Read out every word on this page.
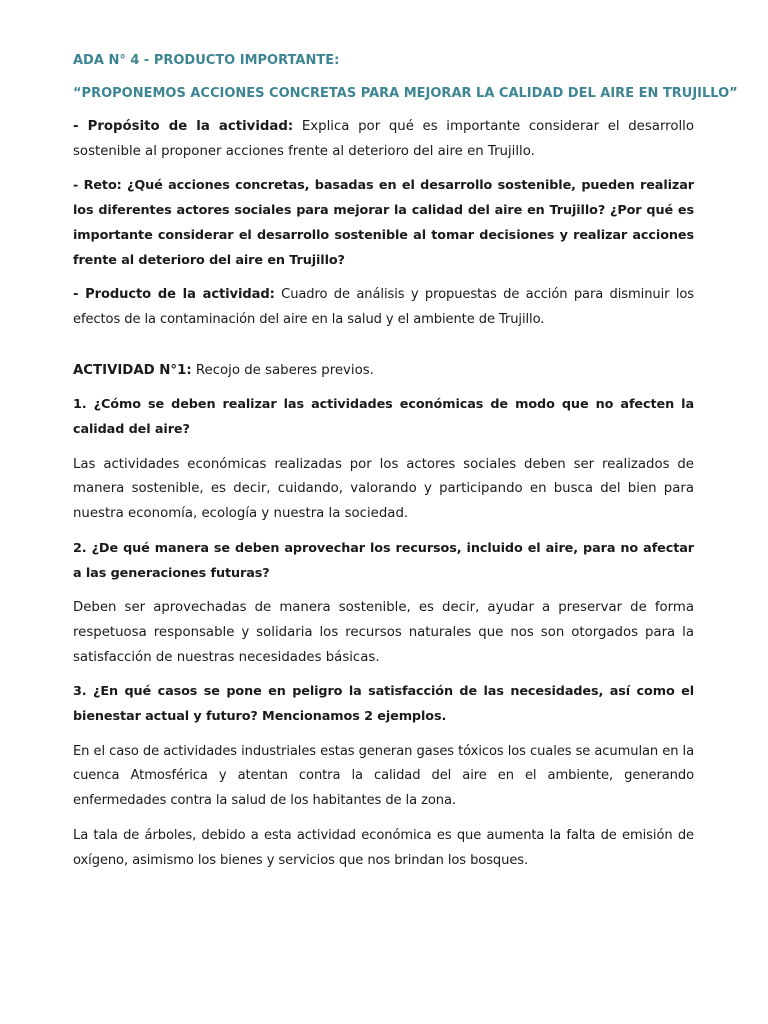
ADA N° 4 - PRODUCTO IMPORTANTE:
“PROPONEMOS ACCIONES CONCRETAS PARA MEJORAR LA CALIDAD DEL AIRE EN TRUJILLO”

- Propósito de la actividad: Explica por qué es importante considerar el desarrollo sostenible al proponer acciones frente al deterioro del aire en Trujillo.

- Reto: ¿Qué acciones concretas, basadas en el desarrollo sostenible, pueden realizar los diferentes actores sociales para mejorar la calidad del aire en Trujillo? ¿Por qué es importante considerar el desarrollo sostenible al tomar decisiones y realizar acciones frente al deterioro del aire en Trujillo?

- Producto de la actividad: Cuadro de análisis y propuestas de acción para disminuir los efectos de la contaminación del aire en la salud y el ambiente de Trujillo.

ACTIVIDAD N°1: Recojo de saberes previos.

1. ¿Cómo se deben realizar las actividades económicas de modo que no afecten la calidad del aire?

Las actividades económicas realizadas por los actores sociales deben ser realizados de manera sostenible, es decir, cuidando, valorando y participando en busca del bien para nuestra economía, ecología y nuestra la sociedad.

2. ¿De qué manera se deben aprovechar los recursos, incluido el aire, para no afectar a las generaciones futuras?

Deben ser aprovechadas de manera sostenible, es decir, ayudar a preservar de forma respetuosa responsable y solidaria los recursos naturales que nos son otorgados para la satisfacción de nuestras necesidades básicas.

3. ¿En qué casos se pone en peligro la satisfacción de las necesidades, así como el bienestar actual y futuro? Mencionamos 2 ejemplos.

En el caso de actividades industriales estas generan gases tóxicos los cuales se acumulan en la cuenca Atmosférica y atentan contra la calidad del aire en el ambiente, generando enfermedades contra la salud de los habitantes de la zona.

La tala de árboles, debido a esta actividad económica es que aumenta la falta de emisión de oxígeno, asimismo los bienes y servicios que nos brindan los bosques.
